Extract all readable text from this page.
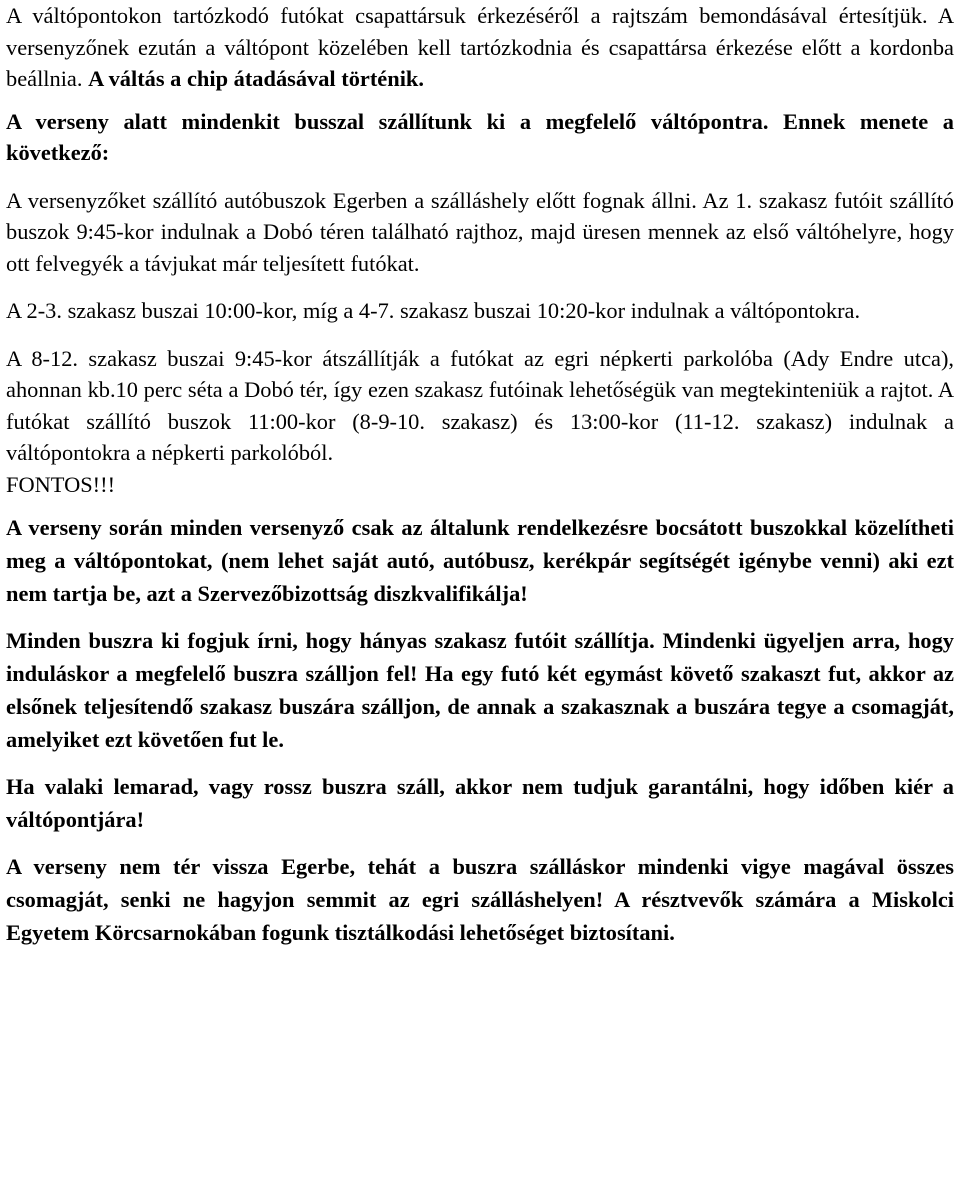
A váltópontokon tartózkodó futókat csapattársuk érkezéséről a rajtszám bemondásával értesítjük. A versenyzőnek ezután a váltópont közelében kell tartózkodnia és csapattársa érkezése előtt a kordonba beállnia. A váltás a chip átadásával történik.

A verseny alatt mindenkit busszal szállítunk ki a megfelelő váltópontra. Ennek menete a következő:

A versenyzőket szállító autóbuszok Egerben a szálláshely előtt fognak állni. Az 1. szakasz futóit szállító buszok 9:45-kor indulnak a Dobó téren található rajthoz, majd üresen mennek az első váltóhelyre, hogy ott felvegyék a távjukat már teljesített futókat.

A 2-3. szakasz buszai 10:00-kor, míg a 4-7. szakasz buszai 10:20-kor indulnak a váltópontokra.

A 8-12. szakasz buszai 9:45-kor átszállítják a futókat az egri népkerti parkolóba (Ady Endre utca), ahonnan kb.10 perc séta a Dobó tér, így ezen szakasz futóinak lehetőségük van megtekinteniük a rajtot. A futókat szállító buszok 11:00-kor (8-9-10. szakasz) és 13:00-kor (11-12. szakasz) indulnak a váltópontokra a népkerti parkolóból.

FONTOS!!!

A verseny során minden versenyző csak az általunk rendelkezésre bocsátott buszokkal közelítheti meg a váltópontokat, (nem lehet saját autó, autóbusz, kerékpár segítségét igénybe venni) aki ezt nem tartja be, azt a Szervezőbizottság diszkvalifikálja!

Minden buszra ki fogjuk írni, hogy hányas szakasz futóit szállítja. Mindenki ügyeljen arra, hogy induláskor a megfelelő buszra szálljon fel! Ha egy futó két egymást követő szakaszt fut, akkor az elsőnek teljesítendő szakasz buszára szálljon, de annak a szakasznak a buszára tegye a csomagját, amelyiket ezt követően fut le.

Ha valaki lemarad, vagy rossz buszra száll, akkor nem tudjuk garantálni, hogy időben kiér a váltópontjára!

A verseny nem tér vissza Egerbe, tehát a buszra szálláskor mindenki vigye magával összes csomagját, senki ne hagyjon semmit az egri szálláshelyen! A résztvevők számára a Miskolci Egyetem Körcsarnokában fogunk tisztálkodási lehetőséget biztosítani.
